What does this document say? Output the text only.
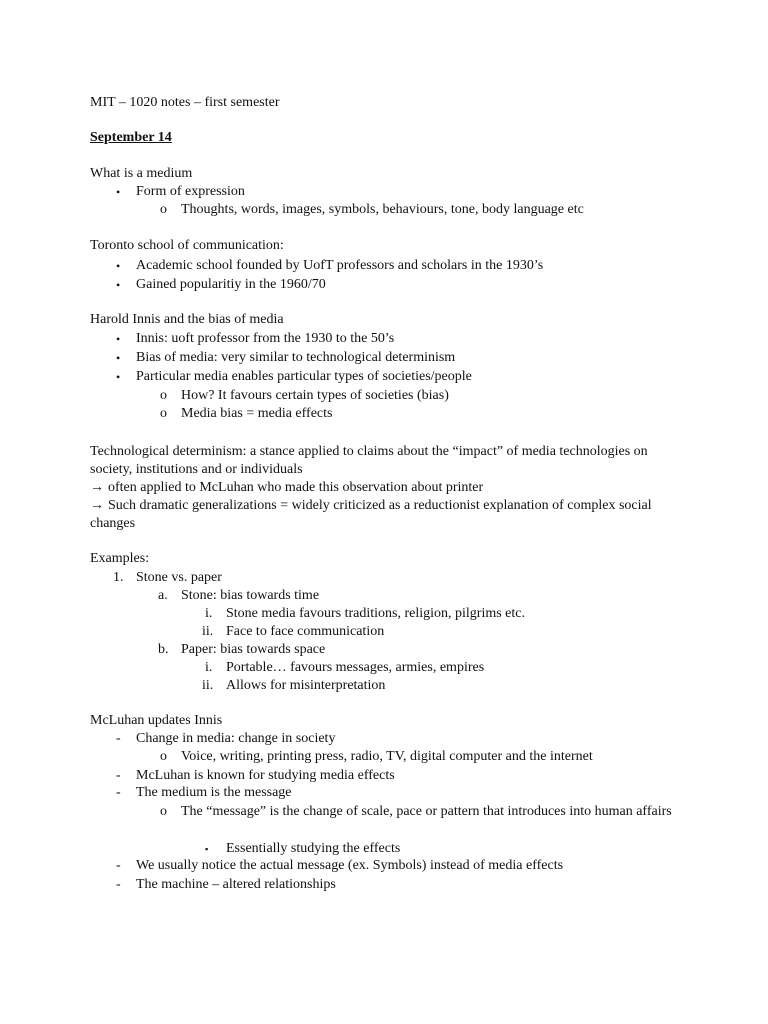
MIT – 1020 notes – first semester
September 14
What is a medium
• Form of expression
o Thoughts, words, images, symbols, behaviours, tone, body language etc
Toronto school of communication:
• Academic school founded by UofT professors and scholars in the 1930’s
• Gained popularitiy in the 1960/70
Harold Innis and the bias of media
• Innis: uoft professor from the 1930 to the 50’s
• Bias of media: very similar to technological determinism
• Particular media enables particular types of societies/people
o How? It favours certain types of societies (bias)
o Media bias = media effects
Technological determinism: a stance applied to claims about the “impact” of media technologies on society, institutions and or individuals
→ often applied to McLuhan who made this observation about printer
→ Such dramatic generalizations = widely criticized as a reductionist explanation of complex social changes
Examples:
1. Stone vs. paper
a. Stone: bias towards time
i. Stone media favours traditions, religion, pilgrims etc.
ii. Face to face communication
b. Paper: bias towards space
i. Portable… favours messages, armies, empires
ii. Allows for misinterpretation
McLuhan updates Innis
- Change in media: change in society
o Voice, writing, printing press, radio, TV, digital computer and the internet
- McLuhan is known for studying media effects
- The medium is the message
o The “message” is the change of scale, pace or pattern that introduces into human affairs
▪ Essentially studying the effects
- We usually notice the actual message (ex. Symbols) instead of media effects
- The machine – altered relationships
